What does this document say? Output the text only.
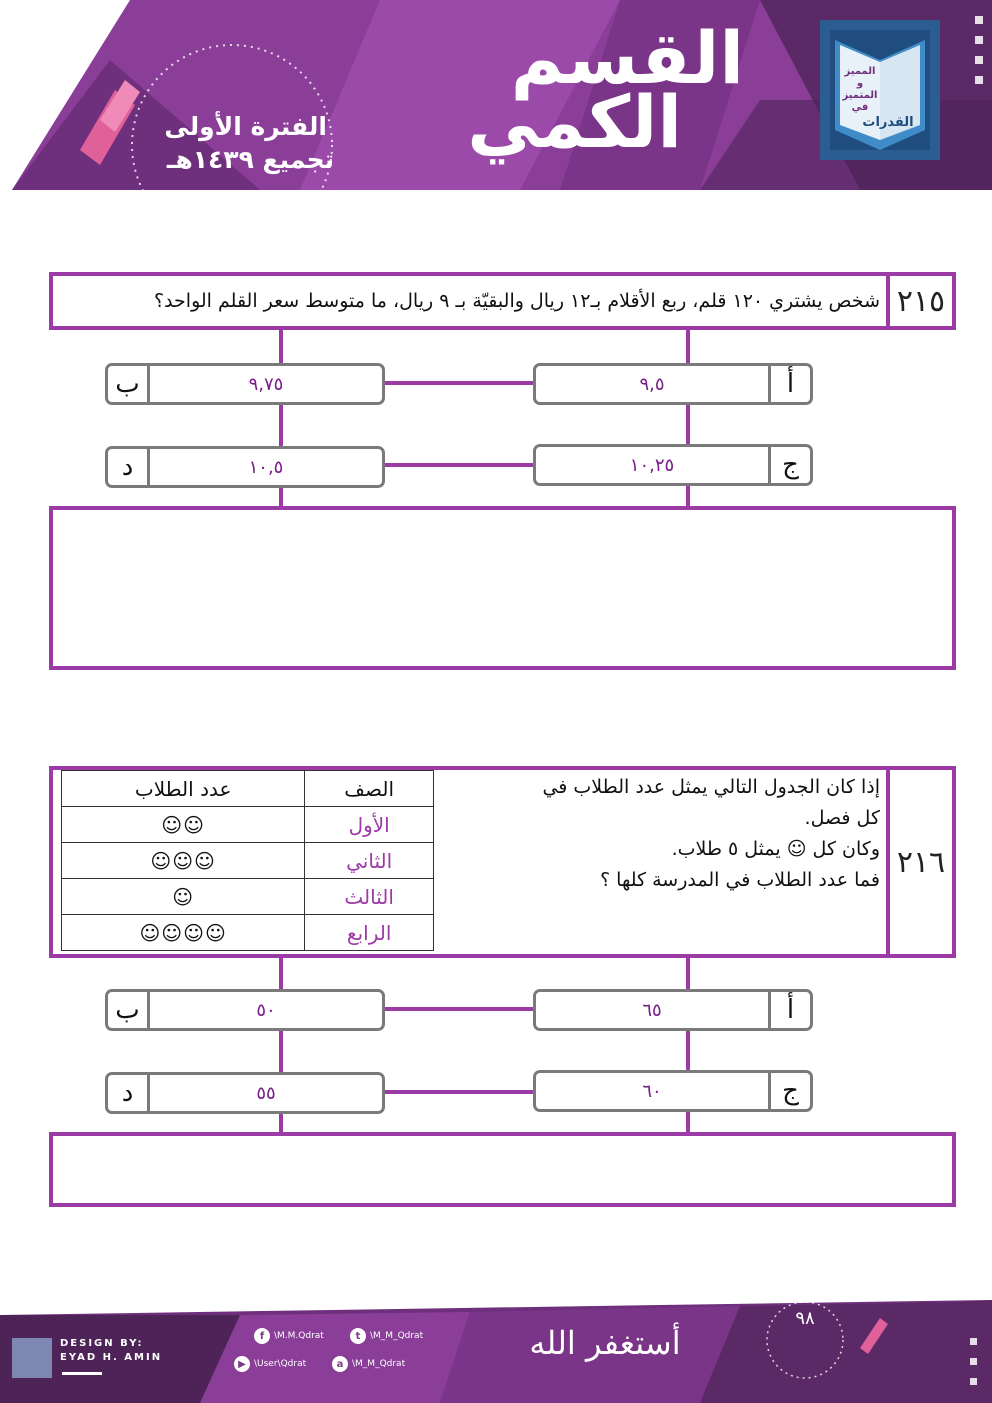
القسم
الكمي
الفترة الأولى
تجميع ١٤٣٩هـ
المميز و المتميز في
القدرات
٢١٥
شخص يشتري ١٢٠ قلم، ربع الأقلام بـ١٢ ريال والبقيّة بـ ٩ ريال، ما متوسط سعر القلم الواحد؟
ب	٩,٧٥	أ
٩,٥
د	١٠,٥	ج
١٠,٢٥
٢١٦
إذا كان الجدول التالي يمثل عدد الطلاب في
كل فصل.
وكان كل ☺ يمثل ٥ طلاب.
فما عدد الطلاب في المدرسة كلها ؟
عدد الطلاب	الصف
☺☺	الأول
☺☺☺	الثاني
☺	الثالث
☺☺☺☺	الرابع
ب	٥٠	أ
٦٥
د	٥٥	ج
٦٠
٩٨
DESIGN BY:
EYAD H. AMIN
f	\M.M.Qdrat	t	\M_M_Qdrat
▶ \User\Qdrat	a \M_M_Qdrat
أستغفر الله
